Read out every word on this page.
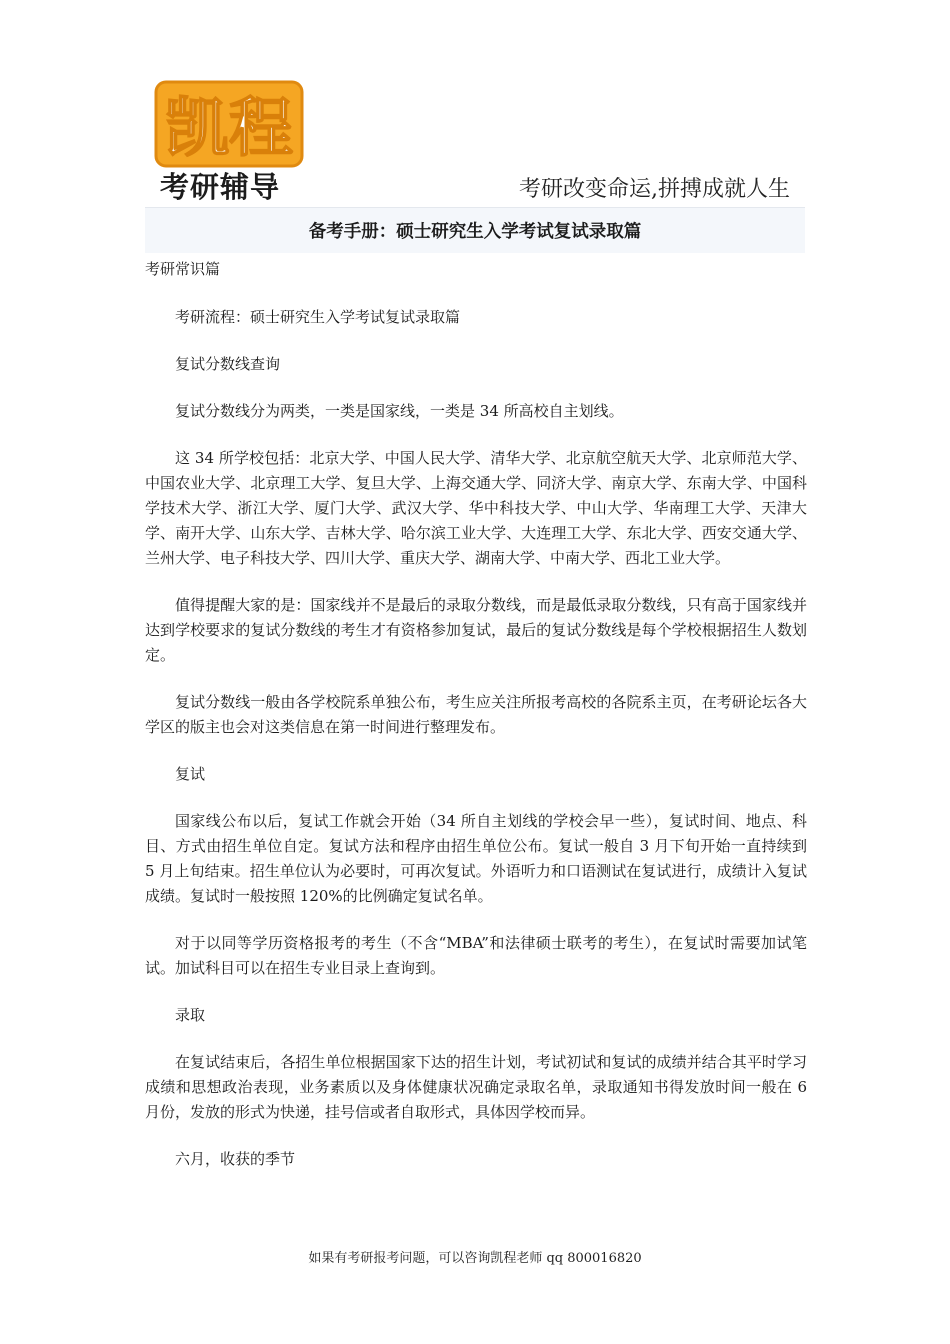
凯程
考研辅导	考研改变命运,拼搏成就人生
备考手册：硕士研究生入学考试复试录取篇
考研常识篇

考研流程：硕士研究生入学考试复试录取篇

复试分数线查询

复试分数线分为两类，一类是国家线，一类是 34 所高校自主划线。

这 34 所学校包括：北京大学、中国人民大学、清华大学、北京航空航天大学、北京师范大学、中国农业大学、北京理工大学、复旦大学、上海交通大学、同济大学、南京大学、东南大学、中国科学技术大学、浙江大学、厦门大学、武汉大学、华中科技大学、中山大学、华南理工大学、天津大学、南开大学、山东大学、吉林大学、哈尔滨工业大学、大连理工大学、东北大学、西安交通大学、兰州大学、电子科技大学、四川大学、重庆大学、湖南大学、中南大学、西北工业大学。

值得提醒大家的是：国家线并不是最后的录取分数线，而是最低录取分数线，只有高于国家线并达到学校要求的复试分数线的考生才有资格参加复试，最后的复试分数线是每个学校根据招生人数划定。

复试分数线一般由各学校院系单独公布，考生应关注所报考高校的各院系主页，在考研论坛各大学区的版主也会对这类信息在第一时间进行整理发布。

复试

国家线公布以后，复试工作就会开始（34 所自主划线的学校会早一些），复试时间、地点、科目、方式由招生单位自定。复试方法和程序由招生单位公布。复试一般自 3 月下旬开始一直持续到 5 月上旬结束。招生单位认为必要时，可再次复试。外语听力和口语测试在复试进行，成绩计入复试成绩。复试时一般按照 120%的比例确定复试名单。

对于以同等学历资格报考的考生（不含“MBA”和法律硕士联考的考生），在复试时需要加试笔试。加试科目可以在招生专业目录上查询到。

录取

在复试结束后，各招生单位根据国家下达的招生计划，考试初试和复试的成绩并结合其平时学习成绩和思想政治表现，业务素质以及身体健康状况确定录取名单，录取通知书得发放时间一般在 6 月份，发放的形式为快递，挂号信或者自取形式，具体因学校而异。

六月，收获的季节

如果有考研报考问题，可以咨询凯程老师 qq 800016820
